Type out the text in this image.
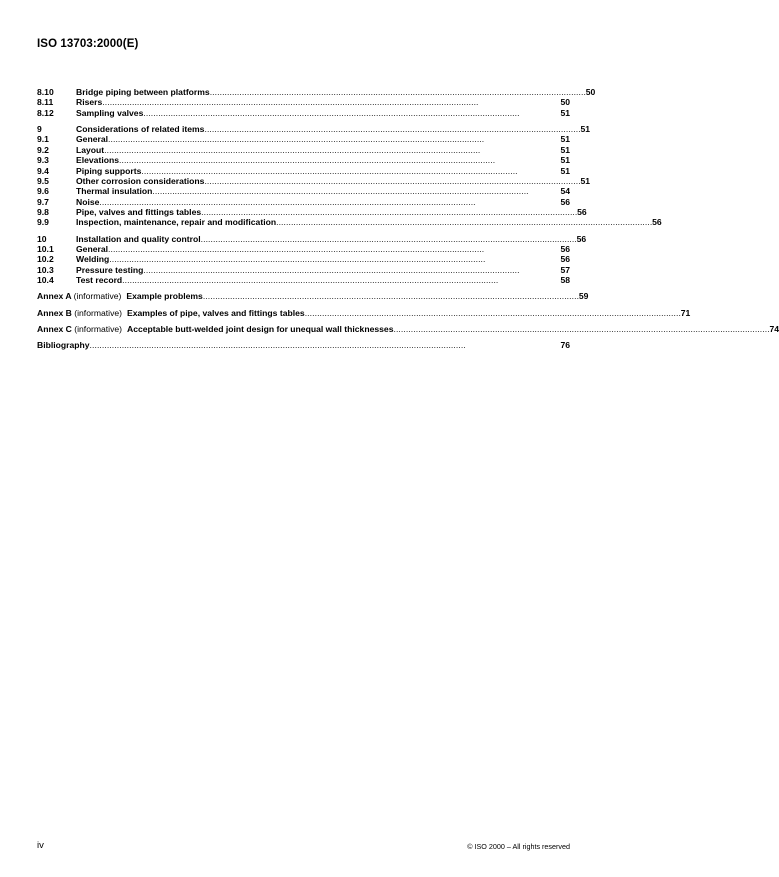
ISO 13703:2000(E)
8.10	Bridge piping between platforms . . .	50
8.11	Risers . . .	50
8.12	Sampling valves . . .	51
9	Considerations of related items . . .	51
9.1	General . . .	51
9.2	Layout . . .	51
9.3	Elevations . . .	51
9.4	Piping supports . . .	51
9.5	Other corrosion considerations . . .	51
9.6	Thermal insulation . . .	54
9.7	Noise . . .	56
9.8	Pipe, valves and fittings tables . . .	56
9.9	Inspection, maintenance, repair and modification . . .	56
10	Installation and quality control . . .	56
10.1	General . . .	56
10.2	Welding . . .	56
10.3	Pressure testing . . .	57
10.4	Test record . . .	58
Annex A (informative) Example problems . . .	59
Annex B (informative) Examples of pipe, valves and fittings tables . . .	71
Annex C (informative) Acceptable butt-welded joint design for unequal wall thicknesses . . .	74
Bibliography . . .	76
iv	© ISO 2000 – All rights reserved
